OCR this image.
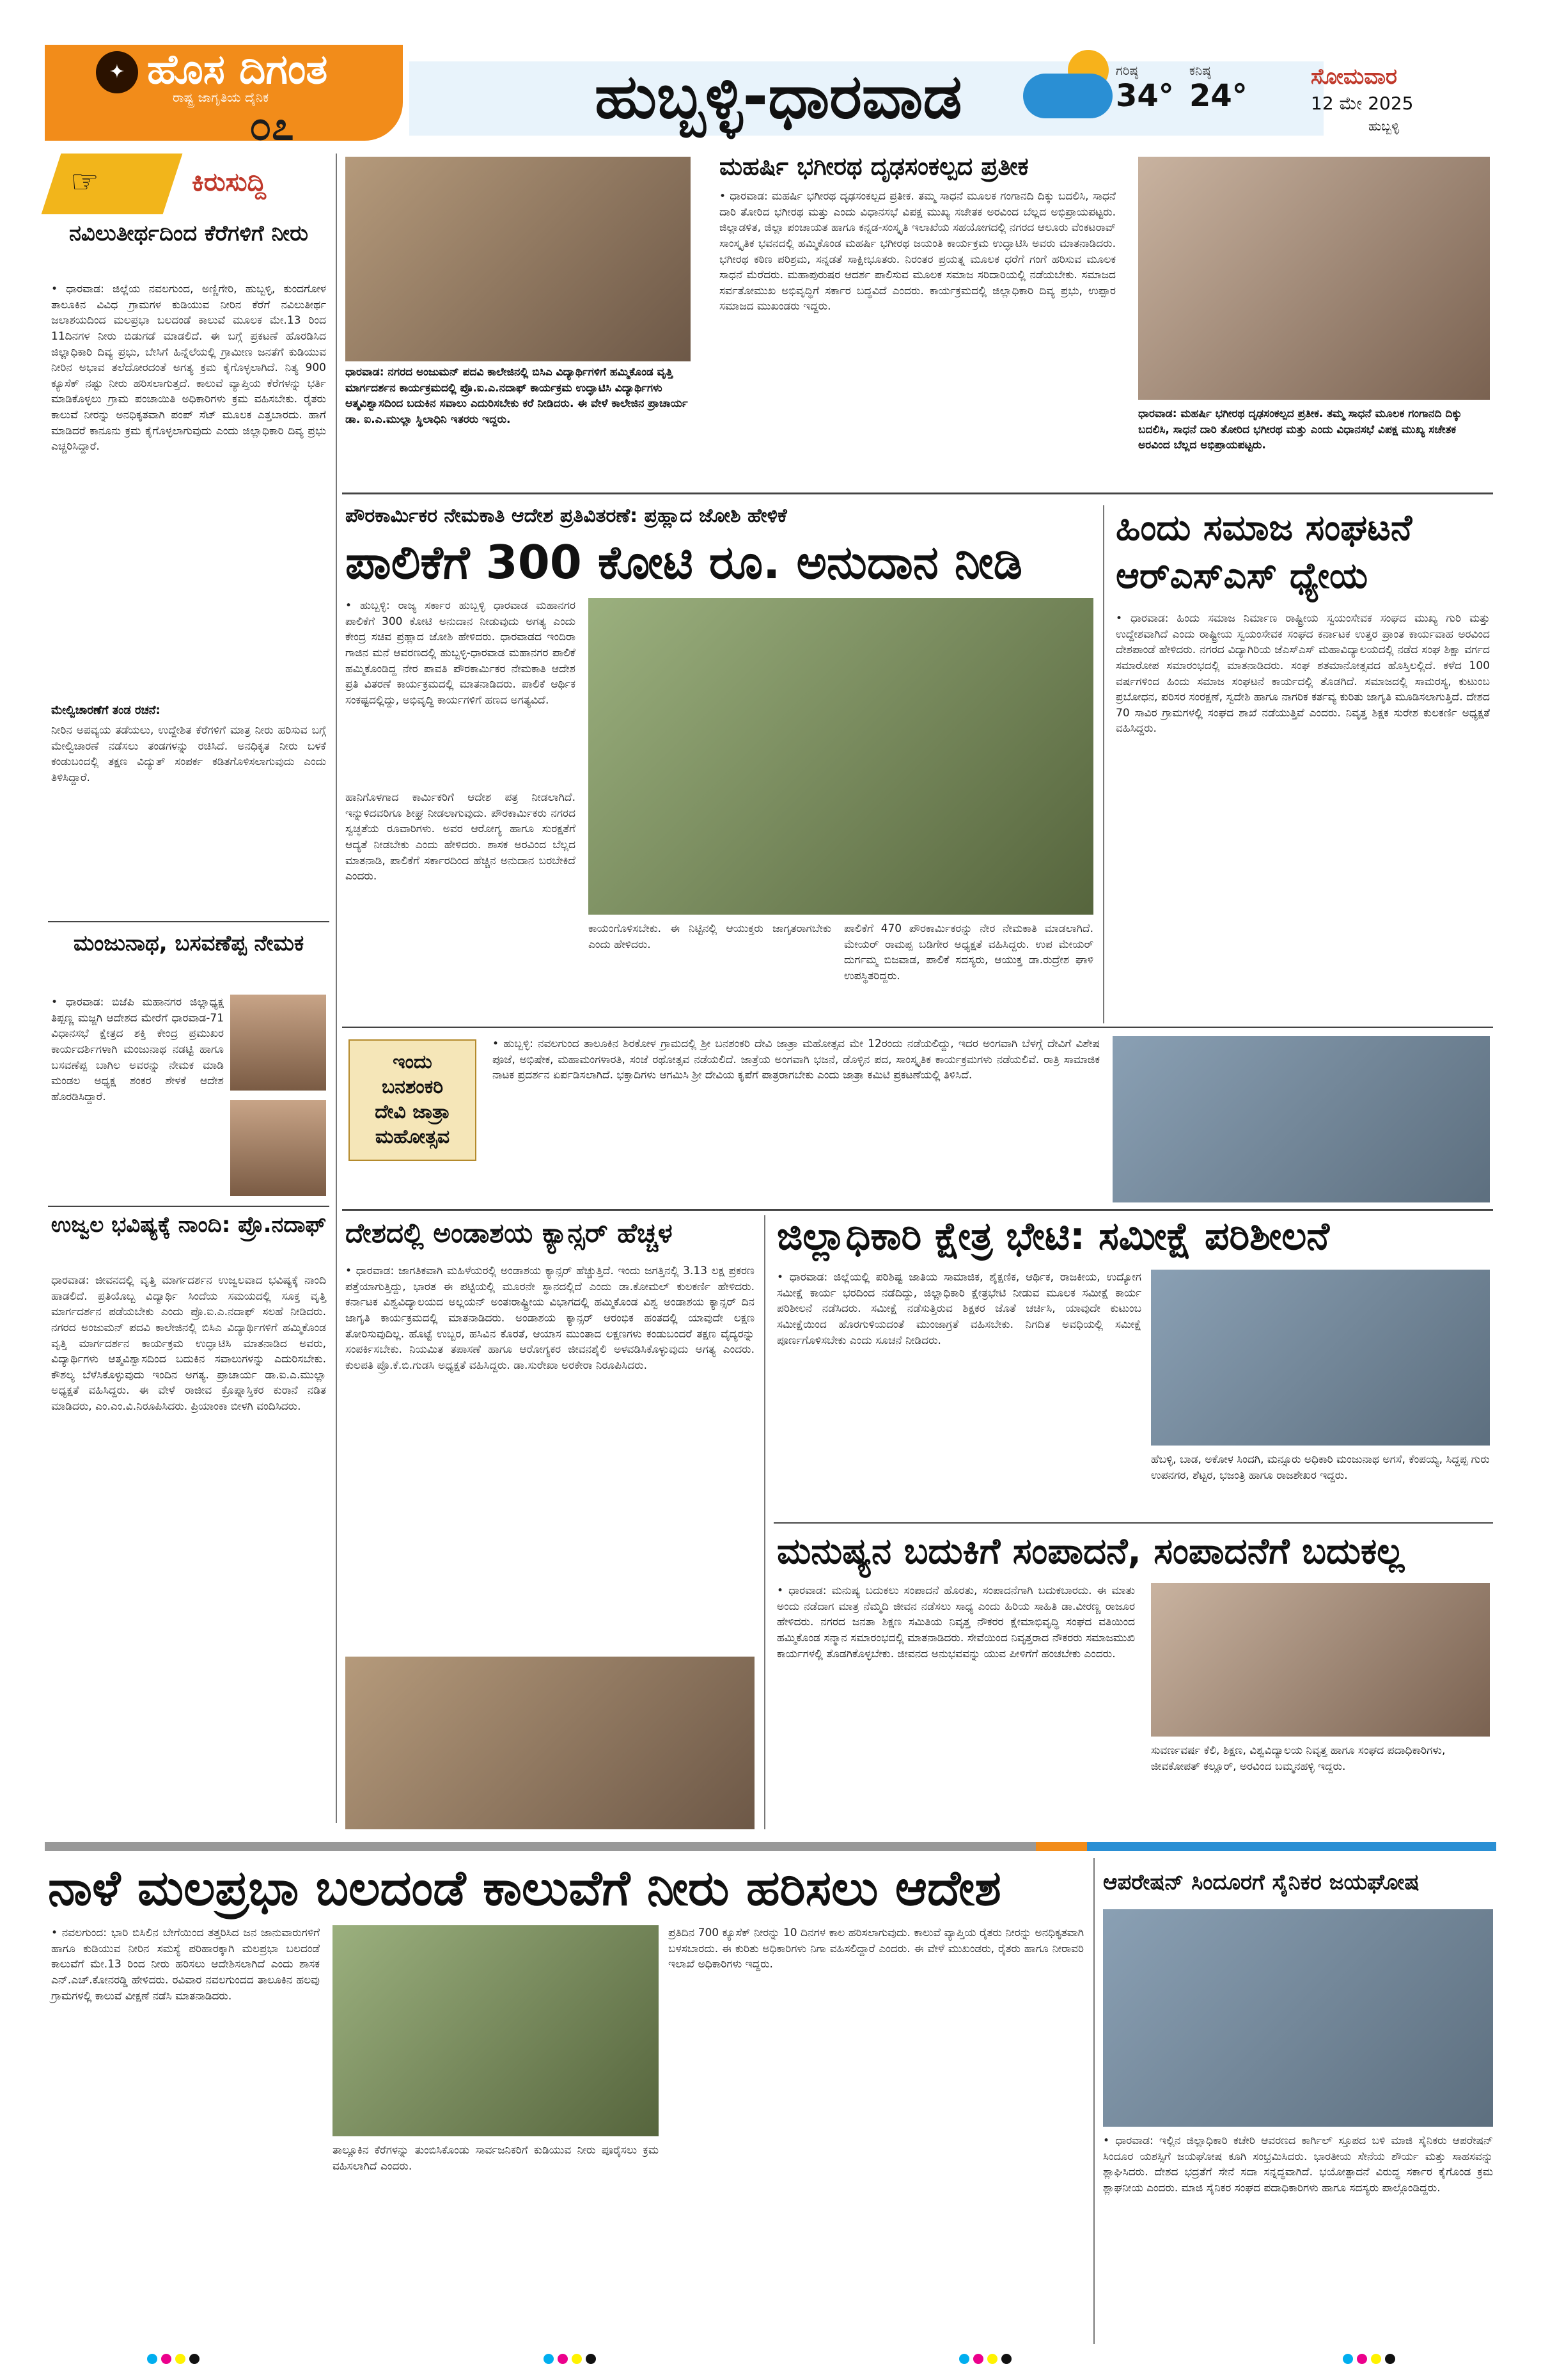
✦ ಹೊಸ ದಿಗಂತ
ರಾಷ್ಟ್ರ ಜಾಗೃತಿಯ ದೈನಿಕ
೦೭	ಹುಬ್ಬಳ್ಳಿ-ಧಾರವಾಡ	ಗರಿಷ್ಠ
34°
ಕನಿಷ್ಠ
24°
ಸೋಮವಾರ
12 ಮೇ 2025
ಹುಬ್ಬಳ್ಳಿ
☞	ಕಿರುಸುದ್ದಿ
ನವಿಲುತೀರ್ಥದಿಂದ ಕೆರೆಗಳಿಗೆ ನೀರು
• ಧಾರವಾಡ: ಜಿಲ್ಲೆಯ ನವಲಗುಂದ, ಅಣ್ಣಿಗೇರಿ, ಹುಬ್ಬಳ್ಳಿ, ಕುಂದಗೋಳ ತಾಲೂಕಿನ ವಿವಿಧ ಗ್ರಾಮಗಳ ಕುಡಿಯುವ ನೀರಿನ ಕೆರೆಗೆ ನವಿಲುತೀರ್ಥ ಜಲಾಶಯದಿಂದ ಮಲಪ್ರಭಾ ಬಲದಂಡೆ ಕಾಲುವೆ ಮೂಲಕ ಮೇ.13 ರಿಂದ 11ದಿನಗಳ ನೀರು ಬಿಡುಗಡೆ ಮಾಡಲಿದೆ. ಈ ಬಗ್ಗೆ ಪ್ರಕಟಣೆ ಹೊರಡಿಸಿದ ಜಿಲ್ಲಾಧಿಕಾರಿ ದಿವ್ಯ ಪ್ರಭು, ಬೇಸಿಗೆ ಹಿನ್ನೆಲೆಯಲ್ಲಿ ಗ್ರಾಮೀಣ ಜನತೆಗೆ ಕುಡಿಯುವ ನೀರಿನ ಅಭಾವ ತಲೆದೋರದಂತೆ ಅಗತ್ಯ ಕ್ರಮ ಕೈಗೊಳ್ಳಲಾಗಿದೆ. ನಿತ್ಯ 900 ಕ್ಯೂಸೆಕ್ ನಷ್ಟು ನೀರು ಹರಿಸಲಾಗುತ್ತದೆ. ಕಾಲುವೆ ವ್ಯಾಪ್ತಿಯ ಕೆರೆಗಳನ್ನು ಭರ್ತಿ ಮಾಡಿಕೊಳ್ಳಲು ಗ್ರಾಮ ಪಂಚಾಯಿತಿ ಅಧಿಕಾರಿಗಳು ಕ್ರಮ ವಹಿಸಬೇಕು. ರೈತರು ಕಾಲುವೆ ನೀರನ್ನು ಅನಧಿಕೃತವಾಗಿ ಪಂಪ್ ಸೆಟ್ ಮೂಲಕ ಎತ್ತಬಾರದು. ಹಾಗೆ ಮಾಡಿದರೆ ಕಾನೂನು ಕ್ರಮ ಕೈಗೊಳ್ಳಲಾಗುವುದು ಎಂದು ಜಿಲ್ಲಾಧಿಕಾರಿ ದಿವ್ಯ ಪ್ರಭು ಎಚ್ಚರಿಸಿದ್ದಾರೆ.
ಮೇಲ್ವಿಚಾರಣೆಗೆ ತಂಡ ರಚನೆ:
ನೀರಿನ ಅಪವ್ಯಯ ತಡೆಯಲು, ಉದ್ದೇಶಿತ ಕೆರೆಗಳಿಗೆ ಮಾತ್ರ ನೀರು ಹರಿಸುವ ಬಗ್ಗೆ ಮೇಲ್ವಿಚಾರಣೆ ನಡೆಸಲು ತಂಡಗಳನ್ನು ರಚಿಸಿದೆ. ಅನಧಿಕೃತ ನೀರು ಬಳಕೆ ಕಂಡುಬಂದಲ್ಲಿ ತಕ್ಷಣ ವಿದ್ಯುತ್ ಸಂಪರ್ಕ ಕಡಿತಗೊಳಿಸಲಾಗುವುದು ಎಂದು ತಿಳಿಸಿದ್ದಾರೆ.
ಮಂಜುನಾಥ, ಬಸವಣೆಪ್ಪ ನೇಮಕ
• ಧಾರವಾಡ: ಬಿಜೆಪಿ ಮಹಾನಗರ ಜಿಲ್ಲಾಧ್ಯಕ್ಷ ತಿಪ್ಪಣ್ಣ ಮಜ್ಜಗಿ ಆದೇಶದ ಮೇರೆಗೆ ಧಾರವಾಡ-71 ವಿಧಾನಸಭೆ ಕ್ಷೇತ್ರದ ಶಕ್ತಿ ಕೇಂದ್ರ ಪ್ರಮುಖರ ಕಾರ್ಯದರ್ಶಿಗಳಾಗಿ ಮಂಜುನಾಥ ನಡಟ್ಟಿ ಹಾಗೂ ಬಸವಣೆಪ್ಪ ಬಾಗಿಲ ಅವರನ್ನು ನೇಮಕ ಮಾಡಿ ಮಂಡಲ ಅಧ್ಯಕ್ಷ ಶಂಕರ ಶೇಳಕೆ ಆದೇಶ ಹೊರಡಿಸಿದ್ದಾರೆ.
ಉಜ್ವಲ ಭವಿಷ್ಯಕ್ಕೆ ನಾಂದಿ: ಪ್ರೊ.ನದಾಫ್
ಧಾರವಾಡ: ಜೀವನದಲ್ಲಿ ವೃತ್ತಿ ಮಾರ್ಗದರ್ಶನ ಉಜ್ವಲವಾದ ಭವಿಷ್ಯಕ್ಕೆ ನಾಂದಿ ಹಾಡಲಿದೆ. ಪ್ರತಿಯೊಬ್ಬ ವಿದ್ಯಾರ್ಥಿ ಸಿಂದೆಯ ಸಮಯದಲ್ಲಿ ಸೂಕ್ತ ವೃತ್ತಿ ಮಾರ್ಗದರ್ಶನ ಪಡೆಯಬೇಕು ಎಂದು ಪ್ರೊ.ಐ.ಎ.ನದಾಫ್ ಸಲಹೆ ನೀಡಿದರು. ನಗರದ ಅಂಜುಮನ್ ಪದವಿ ಕಾಲೇಜಿನಲ್ಲಿ ಬಿಸಿಎ ವಿದ್ಯಾರ್ಥಿಗಳಿಗೆ ಹಮ್ಮಿಕೊಂಡ ವೃತ್ತಿ ಮಾರ್ಗದರ್ಶನ ಕಾರ್ಯಕ್ರಮ ಉದ್ಘಾಟಿಸಿ ಮಾತನಾಡಿದ ಅವರು, ವಿದ್ಯಾರ್ಥಿಗಳು ಆತ್ಮವಿಶ್ವಾಸದಿಂದ ಬದುಕಿನ ಸವಾಲುಗಳನ್ನು ಎದುರಿಸಬೇಕು. ಕೌಶಲ್ಯ ಬೆಳೆಸಿಕೊಳ್ಳುವುದು ಇಂದಿನ ಅಗತ್ಯ. ಪ್ರಾಚಾರ್ಯ ಡಾ.ಐ.ಎ.ಮುಲ್ಲಾ ಅಧ್ಯಕ್ಷತೆ ವಹಿಸಿದ್ದರು. ಈ ವೇಳೆ ರಾಜೀವ ಕ್ರೊಪ್ನಾಸ್ತಿಕರ ಕುರಾನೆ ನಡಿತ ಮಾಡಿದರು, ಎಂ.ಎಂ.ವಿ.ನಿರೂಪಿಸಿದರು. ಪ್ರಿಯಾಂಕಾ ಬೀಳಗಿ ವಂದಿಸಿದರು.
ಧಾರವಾಡ: ನಗರದ ಅಂಜುಮನ್ ಪದವಿ ಕಾಲೇಜಿನಲ್ಲಿ ಬಿಸಿಎ ವಿದ್ಯಾರ್ಥಿಗಳಿಗೆ ಹಮ್ಮಿಕೊಂಡ ವೃತ್ತಿ ಮಾರ್ಗದರ್ಶನ ಕಾರ್ಯಕ್ರಮದಲ್ಲಿ ಪ್ರೊ.ಐ.ಎ.ನದಾಫ್ ಕಾರ್ಯಕ್ರಮ ಉದ್ಘಾಟಿಸಿ ವಿದ್ಯಾರ್ಥಿಗಳು ಆತ್ಮವಿಶ್ವಾಸದಿಂದ ಬದುಕಿನ ಸವಾಲು ಎದುರಿಸಬೇಕು ಕರೆ ನೀಡಿದರು. ಈ ವೇಳೆ ಕಾಲೇಜಿನ ಪ್ರಾಚಾರ್ಯ ಡಾ. ಐ.ಎ.ಮುಲ್ಲಾ ಸ್ಥಿಲಾಧಿನಿ ಇತರರು ಇದ್ದರು.
ಮಹರ್ಷಿ ಭಗೀರಥ ದೃಢಸಂಕಲ್ಪದ ಪ್ರತೀಕ
• ಧಾರವಾಡ: ಮಹರ್ಷಿ ಭಗೀರಥ ದೃಢಸಂಕಲ್ಪದ ಪ್ರತೀಕ. ತಮ್ಮ ಸಾಧನೆ ಮೂಲಕ ಗಂಗಾನದಿ ದಿಕ್ಕು ಬದಲಿಸಿ, ಸಾಧನೆ ದಾರಿ ತೋರಿದ ಭಗೀರಥ ಮತ್ತು ಎಂದು ವಿಧಾನಸಭೆ ವಿಪಕ್ಷ ಮುಖ್ಯ ಸಚೇತಕ ಅರವಿಂದ ಬೆಲ್ಲದ ಅಭಿಪ್ರಾಯಪಟ್ಟರು. ಜಿಲ್ಲಾಡಳಿತ, ಜಿಲ್ಲಾ ಪಂಚಾಯತ ಹಾಗೂ ಕನ್ನಡ-ಸಂಸ್ಕೃತಿ ಇಲಾಖೆಯ ಸಹಯೋಗದಲ್ಲಿ ನಗರದ ಆಲೂರು ವೆಂಕಟರಾವ್ ಸಾಂಸ್ಕೃತಿಕ ಭವನದಲ್ಲಿ ಹಮ್ಮಿಕೊಂಡ ಮಹರ್ಷಿ ಭಗೀರಥ ಜಯಂತಿ ಕಾರ್ಯಕ್ರಮ ಉದ್ಘಾಟಿಸಿ ಅವರು ಮಾತನಾಡಿದರು. ಭಗೀರಥ ಕಠಿಣ ಪರಿಶ್ರಮ, ಸನ್ನಡತೆ ಸಾಕ್ಷೀಭೂತರು. ನಿರಂತರ ಪ್ರಯತ್ನ ಮೂಲಕ ಧರೆಗೆ ಗಂಗೆ ಹರಿಸುವ ಮೂಲಕ ಸಾಧನೆ ಮೆರೆದರು. ಮಹಾಪುರುಷರ ಆದರ್ಶ ಪಾಲಿಸುವ ಮೂಲಕ ಸಮಾಜ ಸರಿದಾರಿಯಲ್ಲಿ ನಡೆಯಬೇಕು. ಸಮಾಜದ ಸರ್ವತೋಮುಖ ಅಭಿವೃದ್ಧಿಗೆ ಸರ್ಕಾರ ಬದ್ಧವಿದೆ ಎಂದರು. ಕಾರ್ಯಕ್ರಮದಲ್ಲಿ ಜಿಲ್ಲಾಧಿಕಾರಿ ದಿವ್ಯ ಪ್ರಭು, ಉಪ್ಪಾರ ಸಮಾಜದ ಮುಖಂಡರು ಇದ್ದರು.
ಧಾರವಾಡ: ಮಹರ್ಷಿ ಭಗೀರಥ ದೃಢಸಂಕಲ್ಪದ ಪ್ರತೀಕ. ತಮ್ಮ ಸಾಧನೆ ಮೂಲಕ ಗಂಗಾನದಿ ದಿಕ್ಕು ಬದಲಿಸಿ, ಸಾಧನೆ ದಾರಿ ತೋರಿದ ಭಗೀರಥ ಮತ್ತು ಎಂದು ವಿಧಾನಸಭೆ ವಿಪಕ್ಷ ಮುಖ್ಯ ಸಚೇತಕ ಅರವಿಂದ ಬೆಲ್ಲದ ಅಭಿಪ್ರಾಯಪಟ್ಟರು.
ಪೌರಕಾರ್ಮಿಕರ ನೇಮಕಾತಿ ಆದೇಶ ಪ್ರತಿವಿತರಣೆ: ಪ್ರಹ್ಲಾದ ಜೋಶಿ ಹೇಳಿಕೆ
ಪಾಲಿಕೆಗೆ 300 ಕೋಟಿ ರೂ. ಅನುದಾನ ನೀಡಿ
• ಹುಬ್ಬಳ್ಳಿ: ರಾಜ್ಯ ಸರ್ಕಾರ ಹುಬ್ಬಳ್ಳಿ ಧಾರವಾಡ ಮಹಾನಗರ ಪಾಲಿಕೆಗೆ 300 ಕೋಟಿ ಅನುದಾನ ನೀಡುವುದು ಅಗತ್ಯ ಎಂದು ಕೇಂದ್ರ ಸಚಿವ ಪ್ರಹ್ಲಾದ ಜೋಶಿ ಹೇಳಿದರು. ಧಾರವಾಡದ ಇಂದಿರಾ ಗಾಜಿನ ಮನೆ ಆವರಣದಲ್ಲಿ ಹುಬ್ಬಳ್ಳಿ-ಧಾರವಾಡ ಮಹಾನಗರ ಪಾಲಿಕೆ ಹಮ್ಮಿಕೊಂಡಿದ್ದ ನೇರ ಪಾವತಿ ಪೌರಕಾರ್ಮಿಕರ ನೇಮಕಾತಿ ಆದೇಶ ಪ್ರತಿ ವಿತರಣೆ ಕಾರ್ಯಕ್ರಮದಲ್ಲಿ ಮಾತನಾಡಿದರು. ಪಾಲಿಕೆ ಆರ್ಥಿಕ ಸಂಕಷ್ಟದಲ್ಲಿದ್ದು, ಅಭಿವೃದ್ಧಿ ಕಾರ್ಯಗಳಿಗೆ ಹಣದ ಅಗತ್ಯವಿದೆ.
ಹಾನಿಗೊಳಗಾದ ಕಾರ್ಮಿಕರಿಗೆ ಆದೇಶ ಪತ್ರ ನೀಡಲಾಗಿದೆ. ಇನ್ನುಳಿದವರಿಗೂ ಶೀಘ್ರ ನೀಡಲಾಗುವುದು. ಪೌರಕಾರ್ಮಿಕರು ನಗರದ ಸ್ವಚ್ಛತೆಯ ರೂವಾರಿಗಳು. ಅವರ ಆರೋಗ್ಯ ಹಾಗೂ ಸುರಕ್ಷತೆಗೆ ಆದ್ಯತೆ ನೀಡಬೇಕು ಎಂದು ಹೇಳಿದರು. ಶಾಸಕ ಅರವಿಂದ ಬೆಲ್ಲದ ಮಾತನಾಡಿ, ಪಾಲಿಕೆಗೆ ಸರ್ಕಾರದಿಂದ ಹೆಚ್ಚಿನ ಅನುದಾನ ಬರಬೇಕಿದೆ ಎಂದರು.
ಕಾಯಂಗೊಳಿಸಬೇಕು. ಈ ನಿಟ್ಟಿನಲ್ಲಿ ಆಯುಕ್ತರು ಜಾಗೃತರಾಗಬೇಕು ಎಂದು ಹೇಳಿದರು.
ಪಾಲಿಕೆಗೆ 470 ಪೌರಕಾರ್ಮಿಕರನ್ನು ನೇರ ನೇಮಕಾತಿ ಮಾಡಲಾಗಿದೆ. ಮೇಯರ್ ರಾಮಪ್ಪ ಬಡಿಗೇರ ಅಧ್ಯಕ್ಷತೆ ವಹಿಸಿದ್ದರು. ಉಪ ಮೇಯರ್ ದುರ್ಗಮ್ಮ ಬಿಜವಾಡ, ಪಾಲಿಕೆ ಸದಸ್ಯರು, ಆಯುಕ್ತ ಡಾ.ರುದ್ರೇಶ ಘಾಳಿ ಉಪಸ್ಥಿತರಿದ್ದರು.
ಹಿಂದು ಸಮಾಜ ಸಂಘಟನೆ
ಆರ್‌ಎಸ್‌ಎಸ್ ಧ್ಯೇಯ
• ಧಾರವಾಡ: ಹಿಂದು ಸಮಾಜ ನಿರ್ಮಾಣ ರಾಷ್ಟ್ರೀಯ ಸ್ವಯಂಸೇವಕ ಸಂಘದ ಮುಖ್ಯ ಗುರಿ ಮತ್ತು ಉದ್ದೇಶವಾಗಿದೆ ಎಂದು ರಾಷ್ಟ್ರೀಯ ಸ್ವಯಂಸೇವಕ ಸಂಘದ ಕರ್ನಾಟಕ ಉತ್ತರ ಪ್ರಾಂತ ಕಾರ್ಯವಾಹ ಅರವಿಂದ ದೇಶಪಾಂಡೆ ಹೇಳಿದರು. ನಗರದ ವಿದ್ಯಾಗಿರಿಯ ಜೆಎಸ್ಎಸ್ ಮಹಾವಿದ್ಯಾಲಯದಲ್ಲಿ ನಡೆದ ಸಂಘ ಶಿಕ್ಷಾ ವರ್ಗದ ಸಮಾರೋಪ ಸಮಾರಂಭದಲ್ಲಿ ಮಾತನಾಡಿದರು. ಸಂಘ ಶತಮಾನೋತ್ಸವದ ಹೊಸ್ತಿಲಲ್ಲಿದೆ. ಕಳೆದ 100 ವರ್ಷಗಳಿಂದ ಹಿಂದು ಸಮಾಜ ಸಂಘಟನೆ ಕಾರ್ಯದಲ್ಲಿ ತೊಡಗಿದೆ. ಸಮಾಜದಲ್ಲಿ ಸಾಮರಸ್ಯ, ಕುಟುಂಬ ಪ್ರಬೋಧನ, ಪರಿಸರ ಸಂರಕ್ಷಣೆ, ಸ್ವದೇಶಿ ಹಾಗೂ ನಾಗರಿಕ ಕರ್ತವ್ಯ ಕುರಿತು ಜಾಗೃತಿ ಮೂಡಿಸಲಾಗುತ್ತಿದೆ. ದೇಶದ 70 ಸಾವಿರ ಗ್ರಾಮಗಳಲ್ಲಿ ಸಂಘದ ಶಾಖೆ ನಡೆಯುತ್ತಿವೆ ಎಂದರು. ನಿವೃತ್ತ ಶಿಕ್ಷಕ ಸುರೇಶ ಕುಲಕರ್ಣಿ ಅಧ್ಯಕ್ಷತೆ ವಹಿಸಿದ್ದರು.
ಇಂದು
ಬನಶಂಕರಿ
ದೇವಿ ಜಾತ್ರಾ
ಮಹೋತ್ಸವ
• ಹುಬ್ಬಳ್ಳಿ: ನವಲಗುಂದ ತಾಲೂಕಿನ ಶಿರಕೋಳ ಗ್ರಾಮದಲ್ಲಿ ಶ್ರೀ ಬನಶಂಕರಿ ದೇವಿ ಜಾತ್ರಾ ಮಹೋತ್ಸವ ಮೇ 12ರಂದು ನಡೆಯಲಿದ್ದು, ಇದರ ಅಂಗವಾಗಿ ಬೆಳಗ್ಗೆ ದೇವಿಗೆ ವಿಶೇಷ ಪೂಜೆ, ಅಭಿಷೇಕ, ಮಹಾಮಂಗಳಾರತಿ, ಸಂಜೆ ರಥೋತ್ಸವ ನಡೆಯಲಿದೆ. ಜಾತ್ರೆಯ ಅಂಗವಾಗಿ ಭಜನೆ, ಡೊಳ್ಳಿನ ಪದ, ಸಾಂಸ್ಕೃತಿಕ ಕಾರ್ಯಕ್ರಮಗಳು ನಡೆಯಲಿವೆ. ರಾತ್ರಿ ಸಾಮಾಜಿಕ ನಾಟಕ ಪ್ರದರ್ಶನ ಏರ್ಪಡಿಸಲಾಗಿದೆ. ಭಕ್ತಾದಿಗಳು ಆಗಮಿಸಿ ಶ್ರೀ ದೇವಿಯ ಕೃಪೆಗೆ ಪಾತ್ರರಾಗಬೇಕು ಎಂದು ಜಾತ್ರಾ ಕಮಿಟಿ ಪ್ರಕಟಣೆಯಲ್ಲಿ ತಿಳಿಸಿದೆ.
ದೇಶದಲ್ಲಿ ಅಂಡಾಶಯ ಕ್ಯಾನ್ಸರ್ ಹೆಚ್ಚಳ
• ಧಾರವಾಡ: ಜಾಗತಿಕವಾಗಿ ಮಹಿಳೆಯರಲ್ಲಿ ಅಂಡಾಶಯ ಕ್ಯಾನ್ಸರ್ ಹೆಚ್ಚುತ್ತಿದೆ. ಇಂದು ಜಗತ್ತಿನಲ್ಲಿ 3.13 ಲಕ್ಷ ಪ್ರಕರಣ ಪತ್ತೆಯಾಗುತ್ತಿದ್ದು, ಭಾರತ ಈ ಪಟ್ಟಿಯಲ್ಲಿ ಮೂರನೇ ಸ್ಥಾನದಲ್ಲಿದೆ ಎಂದು ಡಾ.ಕೋಮಲ್ ಕುಲಕರ್ಣಿ ಹೇಳಿದರು. ಕರ್ನಾಟಕ ವಿಶ್ವವಿದ್ಯಾಲಯದ ಅಲ್ಲಯನ್ ಅಂತಃರಾಷ್ಟ್ರೀಯ ವಿಭಾಗದಲ್ಲಿ ಹಮ್ಮಿಕೊಂಡ ವಿಶ್ವ ಅಂಡಾಶಯ ಕ್ಯಾನ್ಸರ್ ದಿನ ಜಾಗೃತಿ ಕಾರ್ಯಕ್ರಮದಲ್ಲಿ ಮಾತನಾಡಿದರು. ಅಂಡಾಶಯ ಕ್ಯಾನ್ಸರ್ ಆರಂಭಿಕ ಹಂತದಲ್ಲಿ ಯಾವುದೇ ಲಕ್ಷಣ ತೋರಿಸುವುದಿಲ್ಲ. ಹೊಟ್ಟೆ ಉಬ್ಬರ, ಹಸಿವಿನ ಕೊರತೆ, ಆಯಾಸ ಮುಂತಾದ ಲಕ್ಷಣಗಳು ಕಂಡುಬಂದರೆ ತಕ್ಷಣ ವೈದ್ಯರನ್ನು ಸಂಪರ್ಕಿಸಬೇಕು. ನಿಯಮಿತ ತಪಾಸಣೆ ಹಾಗೂ ಆರೋಗ್ಯಕರ ಜೀವನಶೈಲಿ ಅಳವಡಿಸಿಕೊಳ್ಳುವುದು ಅಗತ್ಯ ಎಂದರು. ಕುಲಪತಿ ಪ್ರೊ.ಕೆ.ಬಿ.ಗುಡಸಿ ಅಧ್ಯಕ್ಷತೆ ವಹಿಸಿದ್ದರು. ಡಾ.ಸುರೇಖಾ ಅರಕೇರಾ ನಿರೂಪಿಸಿದರು.
ಜಿಲ್ಲಾಧಿಕಾರಿ ಕ್ಷೇತ್ರ ಭೇಟಿ: ಸಮೀಕ್ಷೆ ಪರಿಶೀಲನೆ
• ಧಾರವಾಡ: ಜಿಲ್ಲೆಯಲ್ಲಿ ಪರಿಶಿಷ್ಟ ಜಾತಿಯ ಸಾಮಾಜಿಕ, ಶೈಕ್ಷಣಿಕ, ಆರ್ಥಿಕ, ರಾಜಕೀಯ, ಉದ್ಯೋಗ ಸಮೀಕ್ಷೆ ಕಾರ್ಯ ಭರದಿಂದ ನಡೆದಿದ್ದು, ಜಿಲ್ಲಾಧಿಕಾರಿ ಕ್ಷೇತ್ರಭೇಟಿ ನೀಡುವ ಮೂಲಕ ಸಮೀಕ್ಷೆ ಕಾರ್ಯ ಪರಿಶೀಲನೆ ನಡೆಸಿದರು. ಸಮೀಕ್ಷೆ ನಡೆಸುತ್ತಿರುವ ಶಿಕ್ಷಕರ ಜೊತೆ ಚರ್ಚಿಸಿ, ಯಾವುದೇ ಕುಟುಂಬ ಸಮೀಕ್ಷೆಯಿಂದ ಹೊರಗುಳಿಯದಂತೆ ಮುಂಜಾಗ್ರತೆ ವಹಿಸಬೇಕು. ನಿಗದಿತ ಅವಧಿಯಲ್ಲಿ ಸಮೀಕ್ಷೆ ಪೂರ್ಣಗೊಳಿಸಬೇಕು ಎಂದು ಸೂಚನೆ ನೀಡಿದರು.
ಹೆಬಳ್ಳಿ, ಬಾಡ, ಅಕೋಳ ಸಿಂದಗಿ, ಮನ್ಸೂರು ಅಧಿಕಾರಿ ಮಂಜುನಾಥ ಅಗಸೆ, ಕೆಂಪಯ್ಯ, ಸಿದ್ದಪ್ಪ ಗುರು ಉಪನಗರ, ಶೆಟ್ಟರ, ಭಜಂತ್ರಿ ಹಾಗೂ ರಾಜಶೇಖರ ಇದ್ದರು.
ಮನುಷ್ಯನ ಬದುಕಿಗೆ ಸಂಪಾದನೆ, ಸಂಪಾದನೆಗೆ ಬದುಕಲ್ಲ
• ಧಾರವಾಡ: ಮನುಷ್ಯ ಬದುಕಲು ಸಂಪಾದನೆ ಹೊರತು, ಸಂಪಾದನೆಗಾಗಿ ಬದುಕಬಾರದು. ಈ ಮಾತು ಅಂದು ನಡೆದಾಗ ಮಾತ್ರ ನೆಮ್ಮದಿ ಜೀವನ ನಡೆಸಲು ಸಾಧ್ಯ ಎಂದು ಹಿರಿಯ ಸಾಹಿತಿ ಡಾ.ವೀರಣ್ಣ ರಾಜೂರ ಹೇಳಿದರು. ನಗರದ ಜನತಾ ಶಿಕ್ಷಣ ಸಮಿತಿಯ ನಿವೃತ್ತ ನೌಕರರ ಕ್ಷೇಮಾಭಿವೃದ್ಧಿ ಸಂಘದ ವತಿಯಿಂದ ಹಮ್ಮಿಕೊಂಡ ಸನ್ಮಾನ ಸಮಾರಂಭದಲ್ಲಿ ಮಾತನಾಡಿದರು. ಸೇವೆಯಿಂದ ನಿವೃತ್ತರಾದ ನೌಕರರು ಸಮಾಜಮುಖಿ ಕಾರ್ಯಗಳಲ್ಲಿ ತೊಡಗಿಕೊಳ್ಳಬೇಕು. ಜೀವನದ ಅನುಭವವನ್ನು ಯುವ ಪೀಳಿಗೆಗೆ ಹಂಚಬೇಕು ಎಂದರು.
ಸುವರ್ಣವರ್ಷ ಕೆಲಿ, ಶಿಕ್ಷಣ, ವಿಶ್ವವಿದ್ಯಾಲಯ ನಿವೃತ್ತ ಹಾಗೂ ಸಂಘದ ಪದಾಧಿಕಾರಿಗಳು, ಜೀವಕೋಪತ್ ಕಲ್ಲೂರ್, ಅರವಿಂದ ಬಮ್ಮನಹಳ್ಳಿ ಇದ್ದರು.
ನಾಳೆ ಮಲಪ್ರಭಾ ಬಲದಂಡೆ ಕಾಲುವೆಗೆ ನೀರು ಹರಿಸಲು ಆದೇಶ
• ನವಲಗುಂದ: ಭಾರಿ ಬಿಸಿಲಿನ ಬೇಗೆಯಿಂದ ತತ್ತರಿಸಿದ ಜನ ಜಾನುವಾರುಗಳಿಗೆ ಹಾಗೂ ಕುಡಿಯುವ ನೀರಿನ ಸಮಸ್ಯೆ ಪರಿಹಾರಕ್ಕಾಗಿ ಮಲಪ್ರಭಾ ಬಲದಂಡೆ ಕಾಲುವೆಗೆ ಮೇ.13 ರಿಂದ ನೀರು ಹರಿಸಲು ಆದೇಶಿಸಲಾಗಿದೆ ಎಂದು ಶಾಸಕ ಎನ್.ಎಚ್.ಕೋನರಡ್ಡಿ ಹೇಳಿದರು. ರವಿವಾರ ನವಲಗುಂದದ ತಾಲೂಕಿನ ಹಲವು ಗ್ರಾಮಗಳಲ್ಲಿ ಕಾಲುವೆ ವೀಕ್ಷಣೆ ನಡೆಸಿ ಮಾತನಾಡಿದರು.
ತಾಲ್ಲೂಕಿನ ಕೆರೆಗಳನ್ನು ತುಂಬಿಸಿಕೊಂಡು ಸಾರ್ವಜನಿಕರಿಗೆ ಕುಡಿಯುವ ನೀರು ಪೂರೈಸಲು ಕ್ರಮ ವಹಿಸಲಾಗಿದೆ ಎಂದರು.
ಪ್ರತಿದಿನ 700 ಕ್ಯೂಸೆಕ್ ನೀರನ್ನು 10 ದಿನಗಳ ಕಾಲ ಹರಿಸಲಾಗುವುದು. ಕಾಲುವೆ ವ್ಯಾಪ್ತಿಯ ರೈತರು ನೀರನ್ನು ಅನಧಿಕೃತವಾಗಿ ಬಳಸಬಾರದು. ಈ ಕುರಿತು ಅಧಿಕಾರಿಗಳು ನಿಗಾ ವಹಿಸಲಿದ್ದಾರೆ ಎಂದರು. ಈ ವೇಳೆ ಮುಖಂಡರು, ರೈತರು ಹಾಗೂ ನೀರಾವರಿ ಇಲಾಖೆ ಅಧಿಕಾರಿಗಳು ಇದ್ದರು.
ಆಪರೇಷನ್ ಸಿಂದೂರಗೆ ಸೈನಿಕರ ಜಯಘೋಷ
• ಧಾರವಾಡ: ಇಲ್ಲಿನ ಜಿಲ್ಲಾಧಿಕಾರಿ ಕಚೇರಿ ಆವರಣದ ಕಾರ್ಗಿಲ್ ಸ್ತೂಪದ ಬಳಿ ಮಾಜಿ ಸೈನಿಕರು ಆಪರೇಷನ್ ಸಿಂದೂರ ಯಶಸ್ಸಿಗೆ ಜಯಘೋಷ ಕೂಗಿ ಸಂಭ್ರಮಿಸಿದರು. ಭಾರತೀಯ ಸೇನೆಯ ಶೌರ್ಯ ಮತ್ತು ಸಾಹಸವನ್ನು ಶ್ಲಾಘಿಸಿದರು. ದೇಶದ ಭದ್ರತೆಗೆ ಸೇನೆ ಸದಾ ಸನ್ನದ್ಧವಾಗಿದೆ. ಭಯೋತ್ಪಾದನೆ ವಿರುದ್ಧ ಸರ್ಕಾರ ಕೈಗೊಂಡ ಕ್ರಮ ಶ್ಲಾಘನೀಯ ಎಂದರು. ಮಾಜಿ ಸೈನಿಕರ ಸಂಘದ ಪದಾಧಿಕಾರಿಗಳು ಹಾಗೂ ಸದಸ್ಯರು ಪಾಲ್ಗೊಂಡಿದ್ದರು.
